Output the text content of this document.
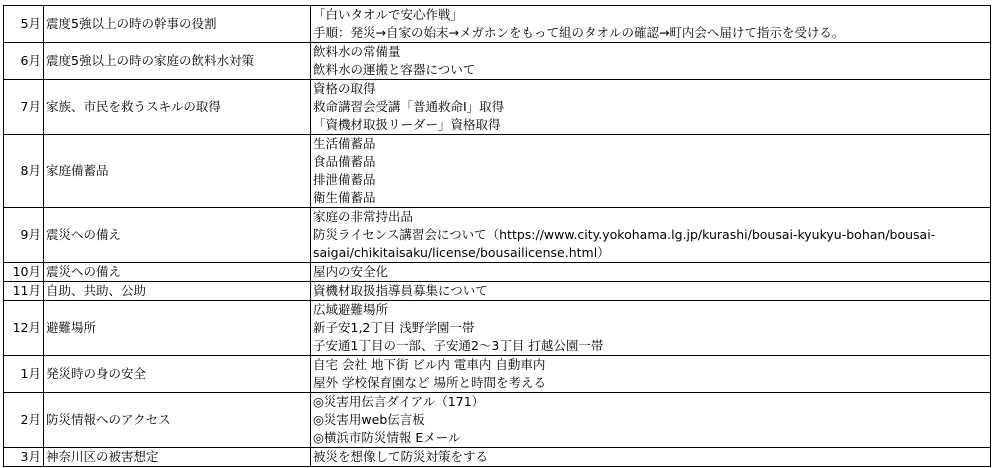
5月	震度5強以上の時の幹事の役割	「白いタオルで安心作戦」
手順：発災→自家の始末→メガホンをもって組のタオルの確認→町内会へ届けて指示を受ける。

6月	震度5強以上の時の家庭の飲料水対策	飲料水の常備量
飲料水の運搬と容器について

7月	家族、市民を救うスキルの取得	資格の取得
救命講習会受講「普通救命Ⅰ」取得
「資機材取扱リーダー」資格取得

8月	家庭備蓄品	生活備蓄品
食品備蓄品
排泄備蓄品
衛生備蓄品

9月	震災への備え	家庭の非常持出品
防災ライセンス講習会について（https://www.city.yokohama.lg.jp/kurashi/bousai-kyukyu-bohan/bousai-
saigai/chikitaisaku/license/bousailicense.html）

10月	震災への備え	屋内の安全化

11月	自助、共助、公助	資機材取扱指導員募集について

12月	避難場所	広域避難場所
新子安1,2丁目 浅野学園一帯
子安通1丁目の一部、子安通2～3丁目 打越公園一帯

1月	発災時の身の安全	自宅 会社 地下街 ビル内 電車内 自動車内
屋外 学校保育園など 場所と時間を考える

2月	防災情報へのアクセス	◎災害用伝言ダイアル（171）
◎災害用web伝言板
◎横浜市防災情報 Eメール

3月	神奈川区の被害想定	被災を想像して防災対策をする
